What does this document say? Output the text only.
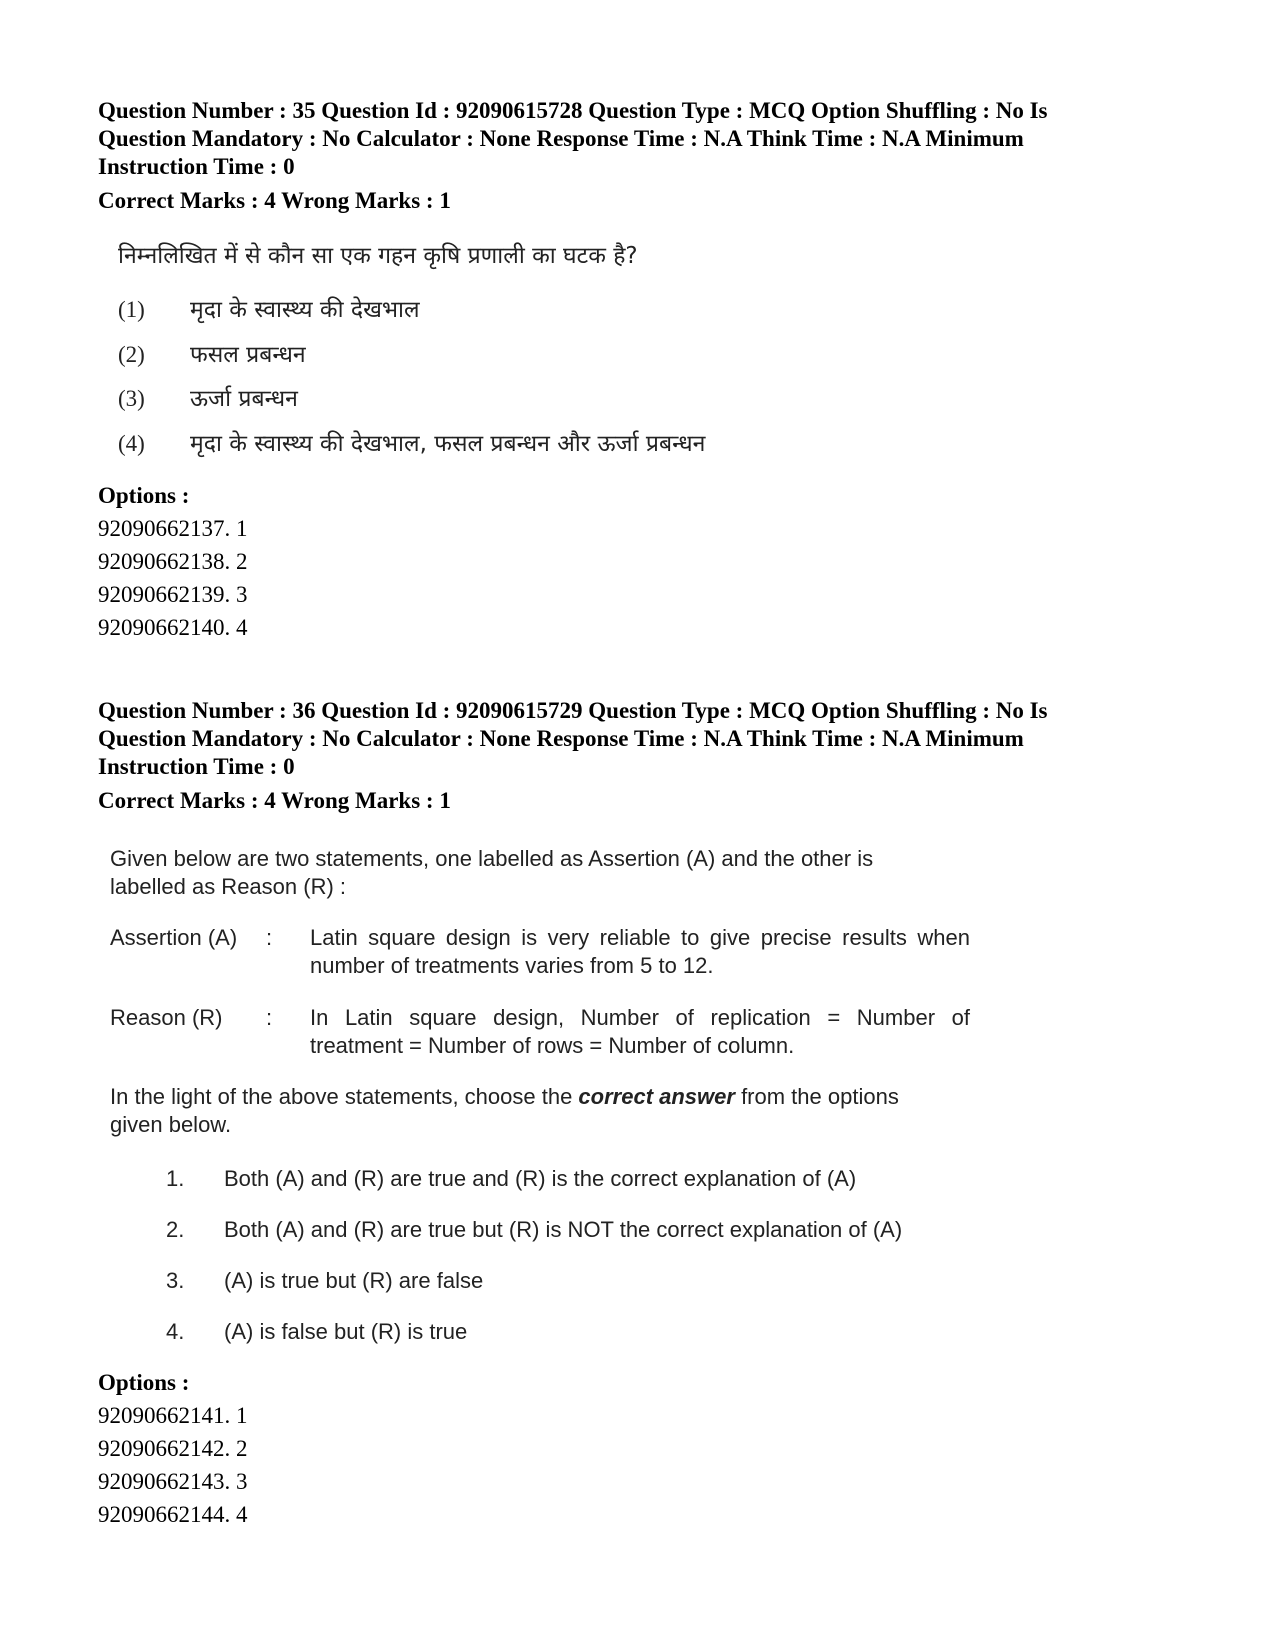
Question Number : 35 Question Id : 92090615728 Question Type : MCQ Option Shuffling : No Is
Question Mandatory : No Calculator : None Response Time : N.A Think Time : N.A Minimum
Instruction Time : 0
Correct Marks : 4 Wrong Marks : 1
निम्नलिखित में से कौन सा एक गहन कृषि प्रणाली का घटक है?
(1) मृदा के स्वास्थ्य की देखभाल
(2) फसल प्रबन्धन
(3) ऊर्जा प्रबन्धन
(4) मृदा के स्वास्थ्य की देखभाल, फसल प्रबन्धन और ऊर्जा प्रबन्धन
Options :
92090662137. 1
92090662138. 2
92090662139. 3
92090662140. 4
Question Number : 36 Question Id : 92090615729 Question Type : MCQ Option Shuffling : No Is
Question Mandatory : No Calculator : None Response Time : N.A Think Time : N.A Minimum
Instruction Time : 0
Correct Marks : 4 Wrong Marks : 1
Given below are two statements, one labelled as Assertion (A) and the other is
labelled as Reason (R) :
Assertion (A) : Latin square design is very reliable to give precise results when number of treatments varies from 5 to 12.
Reason (R) : In Latin square design, Number of replication = Number of treatment = Number of rows = Number of column.
In the light of the above statements, choose the correct answer from the options
given below.
1. Both (A) and (R) are true and (R) is the correct explanation of (A)
2. Both (A) and (R) are true but (R) is NOT the correct explanation of (A)
3. (A) is true but (R) are false
4. (A) is false but (R) is true
Options :
92090662141. 1
92090662142. 2
92090662143. 3
92090662144. 4
